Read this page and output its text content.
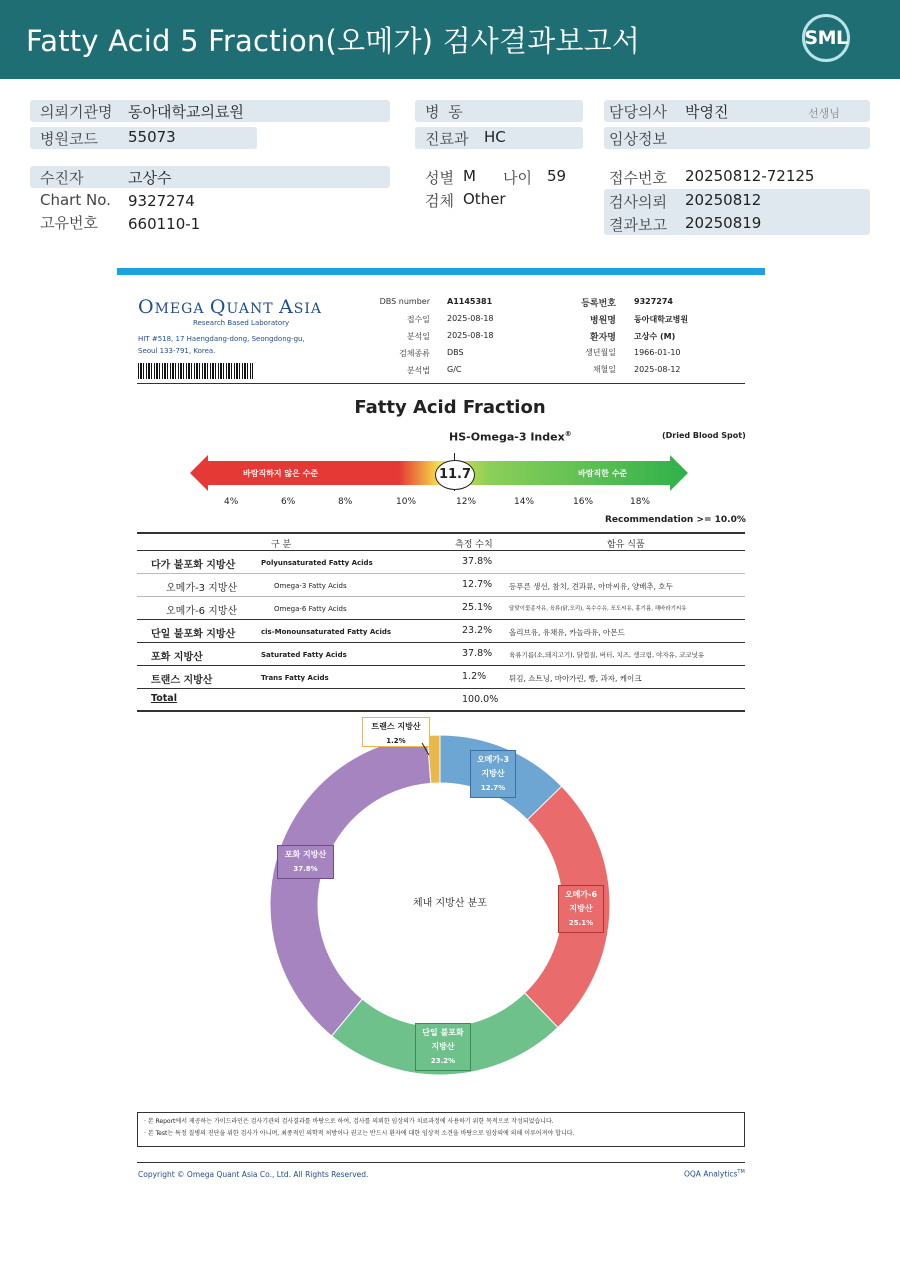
Fatty Acid 5 Fraction(오메가) 검사결과보고서	SML
의뢰기관명 동아대학교의료원
병원코드 55073
병 동
진료과 HC
담당의사 박영진	선생님
임상정보
수진자	고상수
Chart No. 9327274
고유번호 660110-1
성별 M 나이 59
검체 Other
접수번호 20250812-72125
검사의뢰 20250812
결과보고 20250819
OMEGA QUANT ASIA
Research Based Laboratory
HIT #518, 17 Haengdang-dong, Seongdong-gu,
Seoul 133-791, Korea.
DBS number A1145381
접수일 2025-08-18
분석일 2025-08-18
검체종류 DBS
분석법 G/C
등록번호 9327274
병원명 동아대학교병원
환자명 고상수 (M)
생년월일 1966-01-10
채혈일 2025-08-12
Fatty Acid Fraction
HS-Omega-3 Index®	(Dried Blood Spot)
바람직하지 않은 수준	바람직한 수준
11.7
4%	6%	8%	10%	12%	14%	16%	18%
Recommendation >= 10.0%
구 분	측정 수치	함유 식품
다가 불포화 지방산	Polyunsaturated Fatty Acids	37.8%
오메가-3 지방산	Omega-3 Fatty Acids	12.7% 등푸른 생선, 참치, 견과류, 아마씨유, 양배추, 호두
오메가-6 지방산	Omega-6 Fatty Acids	25.1%	달맞이꽃종자유, 육류(닭,오리), 옥수수유, 포도씨유, 홍기름, 해바라기씨유
단일 불포화 지방산	cis-Monounsaturated Fatty Acids	23.2% 올리브유, 유채유, 카놀라유, 아몬드
포화 지방산	Saturated Fatty Acids	37.8%	육류기름(소,돼지고기), 닭껍질, 버터, 치즈, 생크림, 야자유, 코코넛유
트랜스 지방산	Trans Fatty Acids	1.2%	튀김, 쇼트닝, 마아가린, 빵, 과자, 케이크
Total	100.0%
체내 지방산 분포
오메가-3
지방산
12.7%
오메가-6
지방산
25.1%
단일 불포화
지방산
23.2%
포화 지방산
37.8%
트랜스 지방산
1.2%
· 본 Report에서 제공하는 가이드라인은 검사기관의 검사결과를 바탕으로 하여, 검사를 의뢰한 임상의가 치료과정에 사용하기 위한 목적으로 작성되었습니다.
· 본 Test는 특정 질병의 진단을 위한 검사가 아니며, 최종적인 의학적 처방이나 권고는 반드시 환자에 대한 임상적 소견을 바탕으로 임상의에 의해 이루어져야 합니다.
Copyright © Omega Quant Asia Co., Ltd. All Rights Reserved.	OQA Analytics™
